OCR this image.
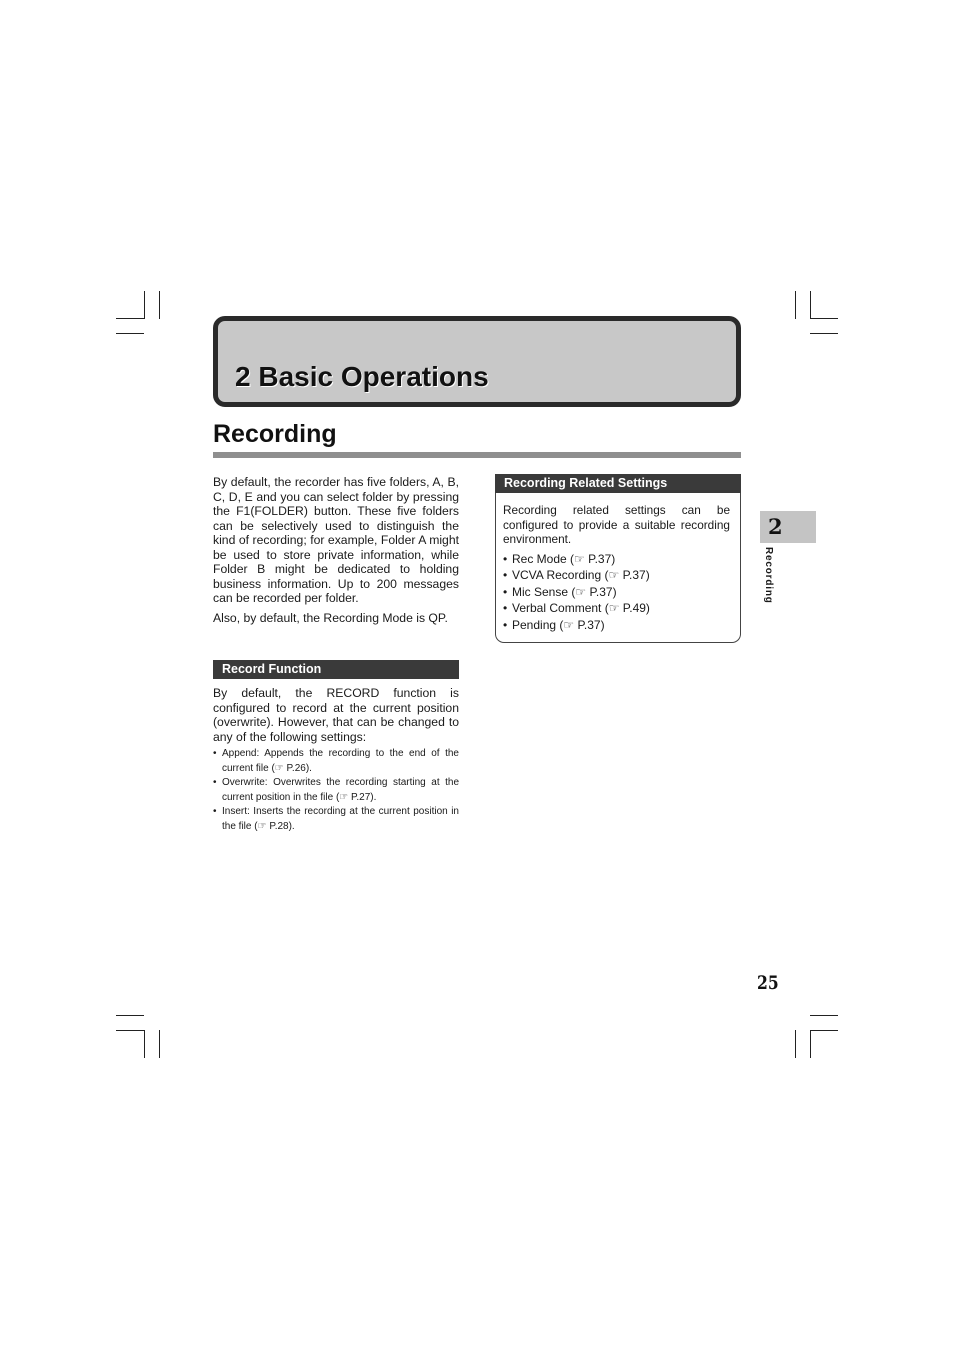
2 Basic Operations
Recording

By default, the recorder has five folders, A, B, C, D, E and you can select folder by pressing the F1(FOLDER) button. These five folders can be selectively used to distinguish the kind of recording; for example, Folder A might be used to store private information, while Folder B might be dedicated to holding business information. Up to 200 messages can be recorded per folder.

Also, by default, the Recording Mode is QP.

Record Function

By default, the RECORD function is configured to record at the current position (overwrite). However, that can be changed to any of the following settings:

• Append: Appends the recording to the end of the current file (☞ P.26).
• Overwrite: Overwrites the recording starting at the current position in the file (☞ P.27).
• Insert: Inserts the recording at the current position in the file (☞ P.28).
Recording Related Settings

Recording related settings can be configured to provide a suitable recording environment.

• Rec Mode (☞ P.37)
• VCVA Recording (☞ P.37)
• Mic Sense (☞ P.37)
• Verbal Comment (☞ P.49)
• Pending (☞ P.37)

2

Recording

25
